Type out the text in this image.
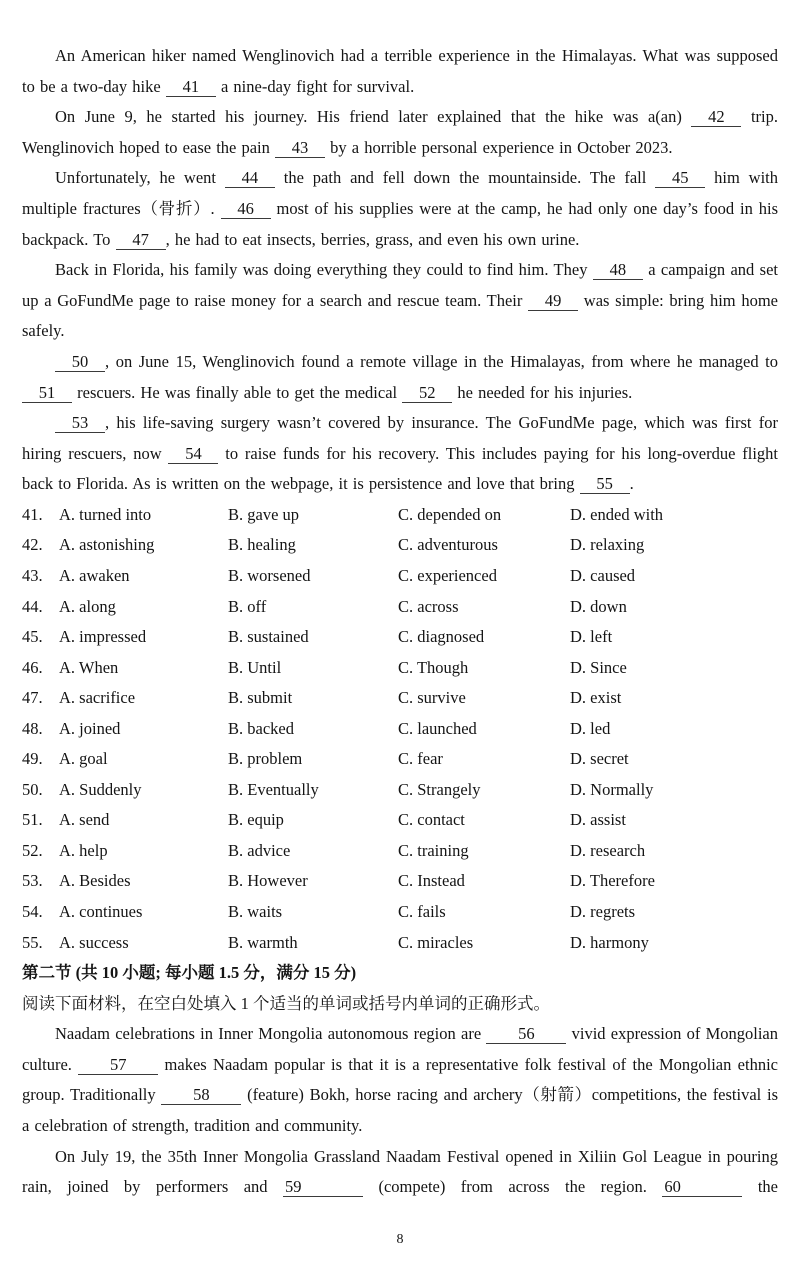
An American hiker named Wenglinovich had a terrible experience in the Himalayas. What was supposed to be a two-day hike 41 a nine-day fight for survival.

On June 9, he started his journey. His friend later explained that the hike was a(an) 42 trip. Wenglinovich hoped to ease the pain 43 by a horrible personal experience in October 2023.

Unfortunately, he went 44 the path and fell down the mountainside. The fall 45 him with multiple fractures（骨折）. 46 most of his supplies were at the camp, he had only one day’s food in his backpack. To 47 , he had to eat insects, berries, grass, and even his own urine.

Back in Florida, his family was doing everything they could to find him. They 48 a campaign and set up a GoFundMe page to raise money for a search and rescue team. Their 49 was simple: bring him home safely.

50 , on June 15, Wenglinovich found a remote village in the Himalayas, from where he managed to 51 rescuers. He was finally able to get the medical 52 he needed for his injuries.

53 , his life-saving surgery wasn’t covered by insurance. The GoFundMe page, which was first for hiring rescuers, now 54 to raise funds for his recovery. This includes paying for his long-overdue flight back to Florida. As is written on the webpage, it is persistence and love that bring 55 .

41. A. turned into	B. gave up	C. depended on	D. ended with
42. A. astonishing	B. healing	C. adventurous	D. relaxing
43. A. awaken	B. worsened	C. experienced	D. caused
44. A. along	B. off	C. across	D. down
45. A. impressed	B. sustained	C. diagnosed	D. left
46. A. When	B. Until	C. Though	D. Since
47. A. sacrifice	B. submit	C. survive	D. exist
48. A. joined	B. backed	C. launched	D. led
49. A. goal	B. problem	C. fear	D. secret
50. A. Suddenly	B. Eventually	C. Strangely	D. Normally
51. A. send	B. equip	C. contact	D. assist
52. A. help	B. advice	C. training	D. research
53. A. Besides	B. However	C. Instead	D. Therefore
54. A. continues	B. waits	C. fails	D. regrets
55. A. success	B. warmth	C. miracles	D. harmony

第二节 (共 10 小题; 每小题 1.5 分，满分 15 分)

阅读下面材料，在空白处填入 1 个适当的单词或括号内单词的正确形式。

Naadam celebrations in Inner Mongolia autonomous region are 56 vivid expression of Mongolian culture. 57 makes Naadam popular is that it is a representative folk festival of the Mongolian ethnic group. Traditionally 58 (feature) Bokh, horse racing and archery（射箭）competitions, the festival is a celebration of strength, tradition and community.

On July 19, the 35th Inner Mongolia Grassland Naadam Festival opened in Xiliin Gol League in pouring rain, joined by performers and 59	(compete) from across the region. 60	the

8
